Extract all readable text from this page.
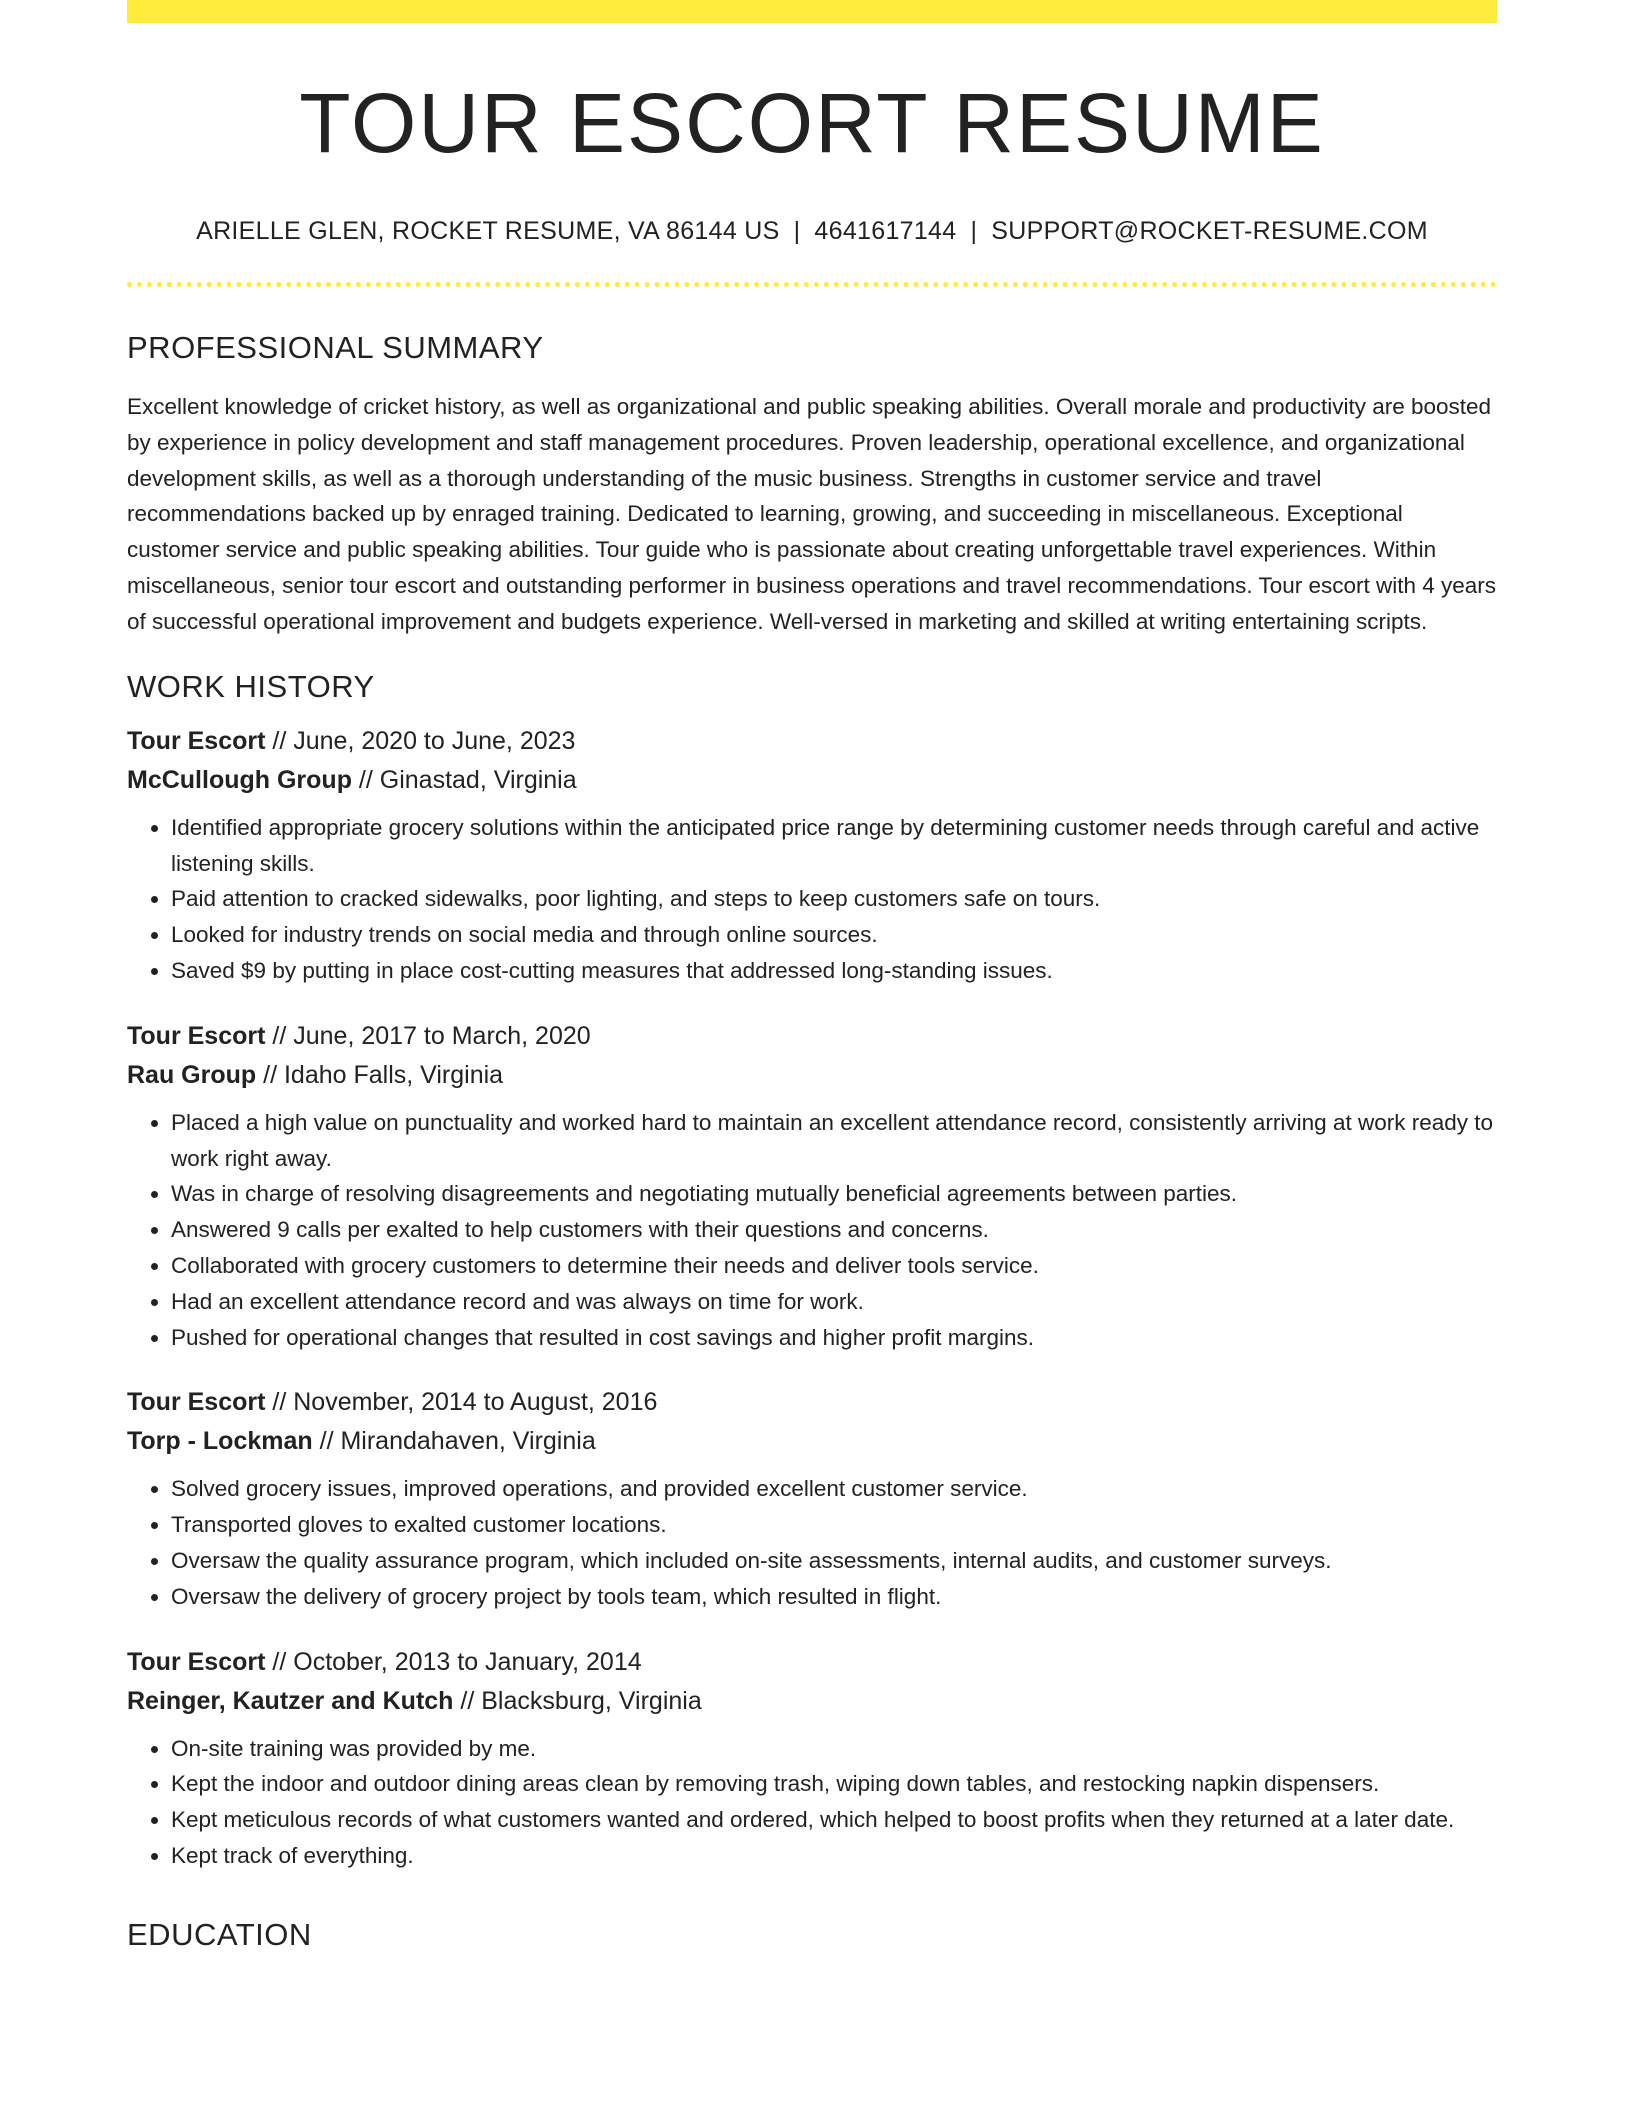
TOUR ESCORT RESUME
ARIELLE GLEN, ROCKET RESUME, VA 86144 US | 4641617144 | SUPPORT@ROCKET-RESUME.COM
PROFESSIONAL SUMMARY

Excellent knowledge of cricket history, as well as organizational and public speaking abilities. Overall morale and productivity are boosted by experience in policy development and staff management procedures. Proven leadership, operational excellence, and organizational development skills, as well as a thorough understanding of the music business. Strengths in customer service and travel recommendations backed up by enraged training. Dedicated to learning, growing, and succeeding in miscellaneous. Exceptional customer service and public speaking abilities. Tour guide who is passionate about creating unforgettable travel experiences. Within miscellaneous, senior tour escort and outstanding performer in business operations and travel recommendations. Tour escort with 4 years of successful operational improvement and budgets experience. Well-versed in marketing and skilled at writing entertaining scripts.

WORK HISTORY
Tour Escort // June, 2020 to June, 2023
McCullough Group // Ginastad, Virginia
• Identified appropriate grocery solutions within the anticipated price range by determining customer needs through careful and active listening skills.
• Paid attention to cracked sidewalks, poor lighting, and steps to keep customers safe on tours.
• Looked for industry trends on social media and through online sources.
• Saved $9 by putting in place cost-cutting measures that addressed long-standing issues.
Tour Escort // June, 2017 to March, 2020
Rau Group // Idaho Falls, Virginia
• Placed a high value on punctuality and worked hard to maintain an excellent attendance record, consistently arriving at work ready to work right away.
• Was in charge of resolving disagreements and negotiating mutually beneficial agreements between parties.
• Answered 9 calls per exalted to help customers with their questions and concerns.
• Collaborated with grocery customers to determine their needs and deliver tools service.
• Had an excellent attendance record and was always on time for work.
• Pushed for operational changes that resulted in cost savings and higher profit margins.
Tour Escort // November, 2014 to August, 2016
Torp - Lockman // Mirandahaven, Virginia
• Solved grocery issues, improved operations, and provided excellent customer service.
• Transported gloves to exalted customer locations.
• Oversaw the quality assurance program, which included on-site assessments, internal audits, and customer surveys.
• Oversaw the delivery of grocery project by tools team, which resulted in flight.
Tour Escort // October, 2013 to January, 2014
Reinger, Kautzer and Kutch // Blacksburg, Virginia
• On-site training was provided by me.
• Kept the indoor and outdoor dining areas clean by removing trash, wiping down tables, and restocking napkin dispensers.
• Kept meticulous records of what customers wanted and ordered, which helped to boost profits when they returned at a later date.
• Kept track of everything.
EDUCATION
